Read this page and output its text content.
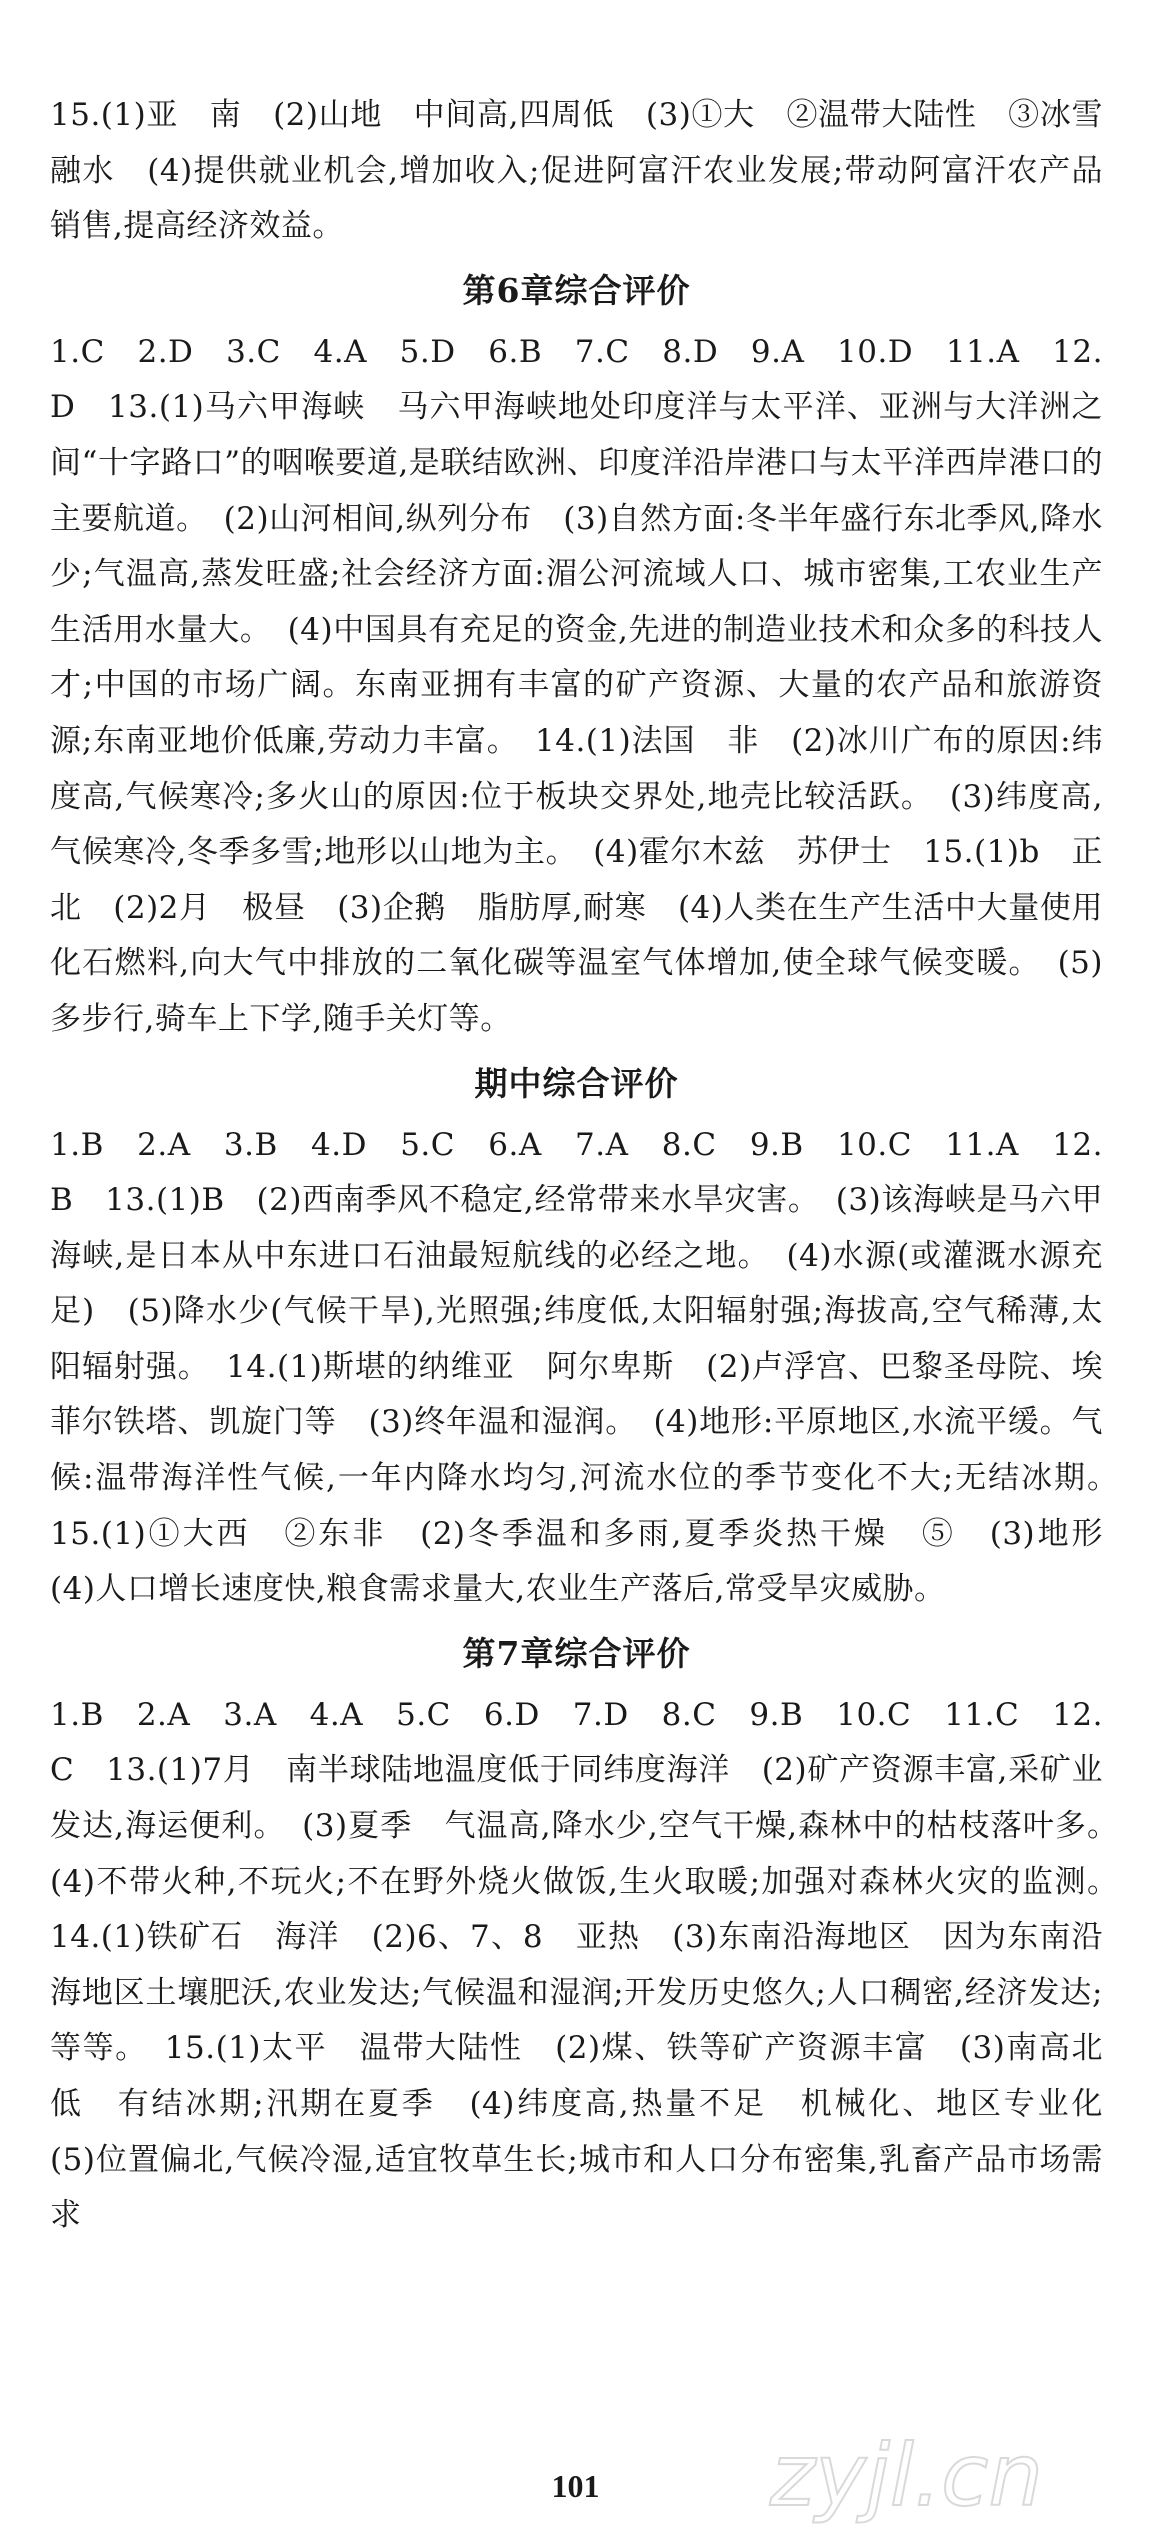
15.(1)亚　南　(2)山地　中间高,四周低　(3)①大　②温带大陆性　③冰雪融水　(4)提供就业机会,增加收入;促进阿富汗农业发展;带动阿富汗农产品销售,提高经济效益。

第6章综合评价

1.C　2.D　3.C　4.A　5.D　6.B　7.C　8.D　9.A　10.D　11.A　12.D　13.(1)马六甲海峡　马六甲海峡地处印度洋与太平洋、亚洲与大洋洲之间“十字路口”的咽喉要道,是联结欧洲、印度洋沿岸港口与太平洋西岸港口的主要航道。　(2)山河相间,纵列分布　(3)自然方面:冬半年盛行东北季风,降水少;气温高,蒸发旺盛;社会经济方面:湄公河流域人口、城市密集,工农业生产生活用水量大。　(4)中国具有充足的资金,先进的制造业技术和众多的科技人才;中国的市场广阔。东南亚拥有丰富的矿产资源、大量的农产品和旅游资源;东南亚地价低廉,劳动力丰富。　14.(1)法国　非　(2)冰川广布的原因:纬度高,气候寒冷;多火山的原因:位于板块交界处,地壳比较活跃。　(3)纬度高,气候寒冷,冬季多雪;地形以山地为主。　(4)霍尔木兹　苏伊士　15.(1)b　正北　(2)2月　极昼　(3)企鹅　脂肪厚,耐寒　(4)人类在生产生活中大量使用化石燃料,向大气中排放的二氧化碳等温室气体增加,使全球气候变暖。　(5)多步行,骑车上下学,随手关灯等。

期中综合评价

1.B　2.A　3.B　4.D　5.C　6.A　7.A　8.C　9.B　10.C　11.A　12.B　13.(1)B　(2)西南季风不稳定,经常带来水旱灾害。　(3)该海峡是马六甲海峡,是日本从中东进口石油最短航线的必经之地。　(4)水源(或灌溉水源充足)　(5)降水少(气候干旱),光照强;纬度低,太阳辐射强;海拔高,空气稀薄,太阳辐射强。　14.(1)斯堪的纳维亚　阿尔卑斯　(2)卢浮宫、巴黎圣母院、埃菲尔铁塔、凯旋门等　(3)终年温和湿润。　(4)地形:平原地区,水流平缓。气候:温带海洋性气候,一年内降水均匀,河流水位的季节变化不大;无结冰期。　15.(1)①大西　②东非　(2)冬季温和多雨,夏季炎热干燥　⑤　(3)地形　(4)人口增长速度快,粮食需求量大,农业生产落后,常受旱灾威胁。

第7章综合评价

1.B　2.A　3.A　4.A　5.C　6.D　7.D　8.C　9.B　10.C　11.C　12.C　13.(1)7月　南半球陆地温度低于同纬度海洋　(2)矿产资源丰富,采矿业发达,海运便利。　(3)夏季　气温高,降水少,空气干燥,森林中的枯枝落叶多。　(4)不带火种,不玩火;不在野外烧火做饭,生火取暖;加强对森林火灾的监测。　14.(1)铁矿石　海洋　(2)6、7、8　亚热　(3)东南沿海地区　因为东南沿海地区土壤肥沃,农业发达;气候温和湿润;开发历史悠久;人口稠密,经济发达;等等。　15.(1)太平　温带大陆性　(2)煤、铁等矿产资源丰富　(3)南高北低　有结冰期;汛期在夏季　(4)纬度高,热量不足　机械化、地区专业化　(5)位置偏北,气候冷湿,适宜牧草生长;城市和人口分布密集,乳畜产品市场需求

101	zyjl.cn
